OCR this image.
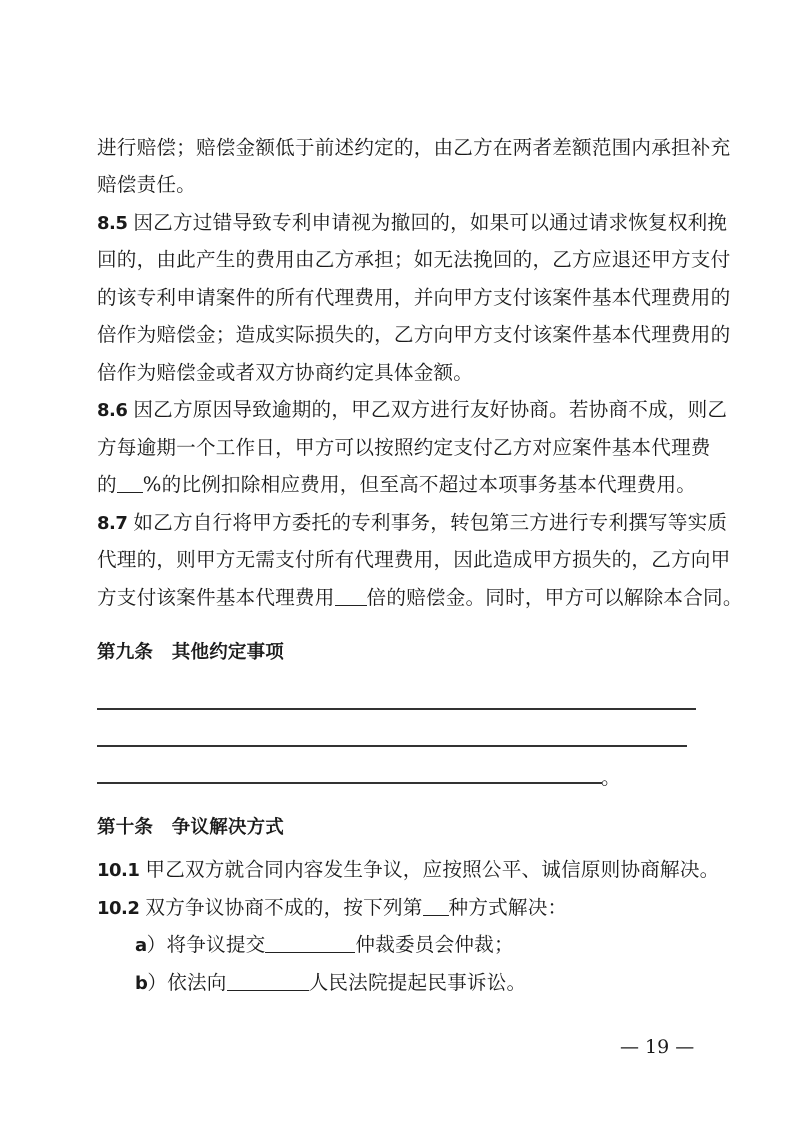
进行赔偿；赔偿金额低于前述约定的，由乙方在两者差额范围内承担补充
赔偿责任。
8.5 因乙方过错导致专利申请视为撤回的，如果可以通过请求恢复权利挽
回的，由此产生的费用由乙方承担；如无法挽回的，乙方应退还甲方支付
的该专利申请案件的所有代理费用，并向甲方支付该案件基本代理费用的
倍作为赔偿金；造成实际损失的，乙方向甲方支付该案件基本代理费用的
倍作为赔偿金或者双方协商约定具体金额。
8.6 因乙方原因导致逾期的，甲乙双方进行友好协商。若协商不成，则乙
方每逾期一个工作日，甲方可以按照约定支付乙方对应案件基本代理费
的 %的比例扣除相应费用，但至高不超过本项事务基本代理费用。
8.7 如乙方自行将甲方委托的专利事务，转包第三方进行专利撰写等实质
代理的，则甲方无需支付所有代理费用，因此造成甲方损失的，乙方向甲
方支付该案件基本代理费用 倍的赔偿金。同时，甲方可以解除本合同。
第九条　其他约定事项
。
第十条　争议解决方式
10.1 甲乙双方就合同内容发生争议，应按照公平、诚信原则协商解决。
10.2 双方争议协商不成的，按下列第 种方式解决：
a）将争议提交	仲裁委员会仲裁；
b）依法向	人民法院提起民事诉讼。
— 19 —
